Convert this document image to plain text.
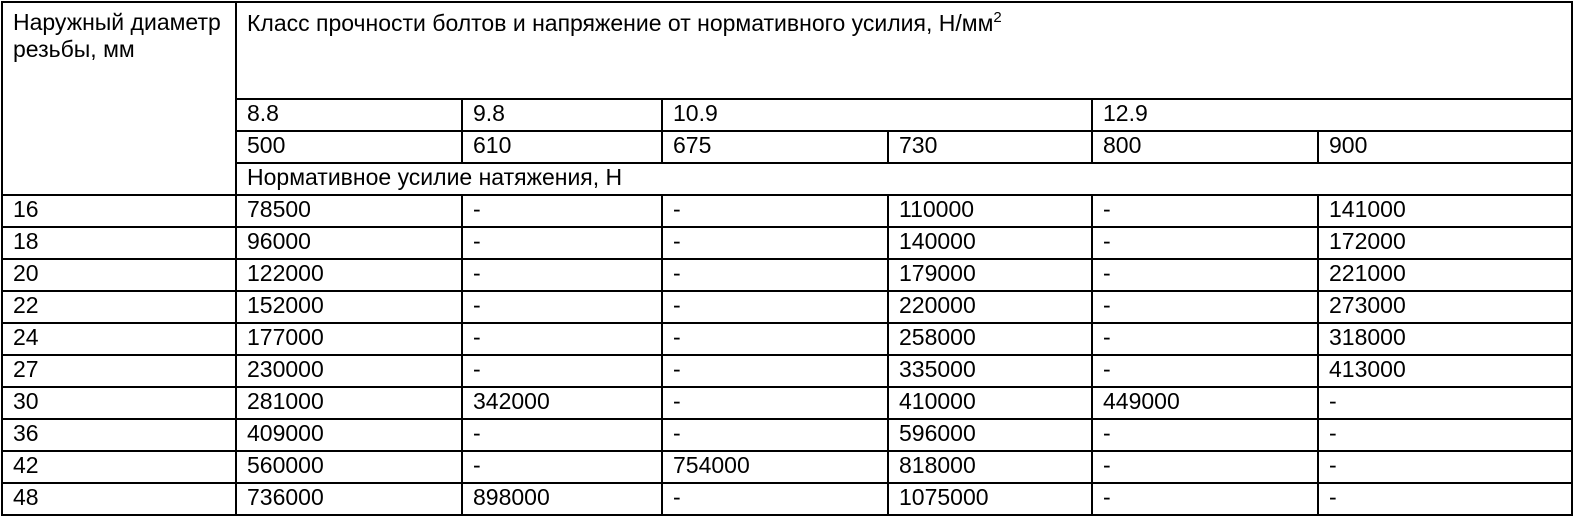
Наружный диаметр резьбы, мм	Класс прочности болтов и напряжение от нормативного усилия, $Н/мм^2$
	8.8	9.8	10.9		12.9	
	500	610	675	730	800	900
	Нормативное усилие натяжения, Н					
16	78500	-	-	110000	-	141000
18	96000	-	-	140000	-	172000
20	122000	-	-	179000	-	221000
22	152000	-	-	220000	-	273000
24	177000	-	-	258000	-	318000
27	230000	-	-	335000	-	413000
30	281000	342000	-	410000	449000	-
36	409000	-	-	596000	-	-
42	560000	-	754000	818000	-	-
48	736000	898000	-	1075000	-	-
